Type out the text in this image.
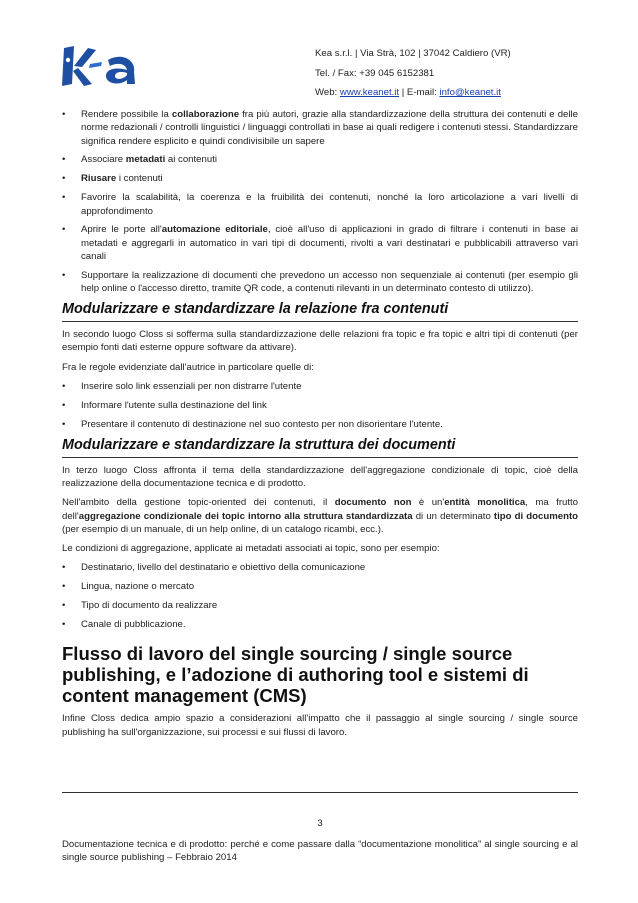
Kea s.r.l. | Via Strà, 102 | 37042 Caldiero (VR)
Tel. / Fax: +39 045 6152381
Web: www.keanet.it | E-mail: info@keanet.it
• Rendere possibile la collaborazione fra più autori, grazie alla standardizzazione della struttura dei contenuti e delle norme redazionali / controlli linguistici / linguaggi controllati in base ai quali redigere i contenuti stessi. Standardizzare significa rendere esplicito e quindi condivisibile un sapere
• Associare metadati ai contenuti
• Riusare i contenuti
• Favorire la scalabilità, la coerenza e la fruibilità dei contenuti, nonché la loro articolazione a vari livelli di approfondimento
• Aprire le porte all'automazione editoriale, cioè all'uso di applicazioni in grado di filtrare i contenuti in base ai metadati e aggregarli in automatico in vari tipi di documenti, rivolti a vari destinatari e pubblicabili attraverso vari canali
• Supportare la realizzazione di documenti che prevedono un accesso non sequenziale ai contenuti (per esempio gli help online o l'accesso diretto, tramite QR code, a contenuti rilevanti in un determinato contesto di utilizzo).
Modularizzare e standardizzare la relazione fra contenuti

In secondo luogo Closs si sofferma sulla standardizzazione delle relazioni fra topic e fra topic e altri tipi di contenuti (per esempio fonti dati esterne oppure software da attivare).

Fra le regole evidenziate dall'autrice in particolare quelle di:

• Inserire solo link essenziali per non distrarre l'utente
• Informare l'utente sulla destinazione del link
• Presentare il contenuto di destinazione nel suo contesto per non disorientare l'utente.
Modularizzare e standardizzare la struttura dei documenti

In terzo luogo Closs affronta il tema della standardizzazione dell'aggregazione condizionale di topic, cioè della realizzazione della documentazione tecnica e di prodotto.

Nell'ambito della gestione topic-oriented dei contenuti, il documento non è un'entità monolitica, ma frutto dell'aggregazione condizionale dei topic intorno alla struttura standardizzata di un determinato tipo di documento (per esempio di un manuale, di un help online, di un catalogo ricambi, ecc.).

Le condizioni di aggregazione, applicate ai metadati associati ai topic, sono per esempio:

• Destinatario, livello del destinatario e obiettivo della comunicazione
• Lingua, nazione o mercato
• Tipo di documento da realizzare
• Canale di pubblicazione.
Flusso di lavoro del single sourcing / single source publishing, e l’adozione di authoring tool e sistemi di content management (CMS)

Infine Closs dedica ampio spazio a considerazioni all'impatto che il passaggio al single sourcing / single source publishing ha sull'organizzazione, sui processi e sui flussi di lavoro.

3
Documentazione tecnica e di prodotto: perché e come passare dalla “documentazione monolitica” al single sourcing e al single source publishing – Febbraio 2014
